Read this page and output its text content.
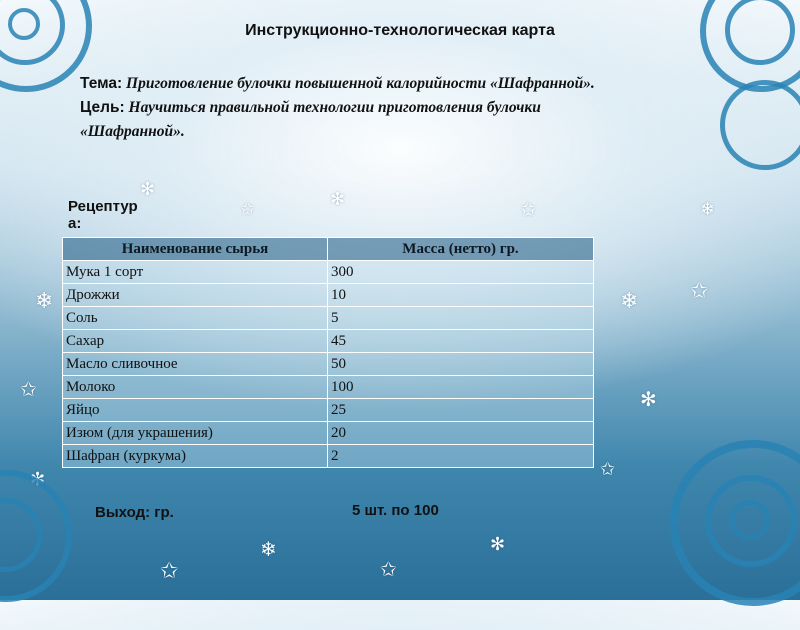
✻
❄
✩
✻
✩
❄
✩
✻
❄ ✩
✻
✩
❄
✩
✻
✩
Инструкционно-технологическая карта
Тема: Приготовление булочки повышенной калорийности «Шафранной».
Цель: Научиться правильной технологии приготовления булочки «Шафранной».
Рецептура:
Наименование сырья	Масса (нетто) гр.
Мука 1 сорт	300
Дрожжи	10
Соль	5
Сахар	45
Масло сливочное	50
Молоко	100
Яйцо	25
Изюм (для украшения)	20
Шафран (куркума)	2
Выход: гр.	5 шт. по 100
